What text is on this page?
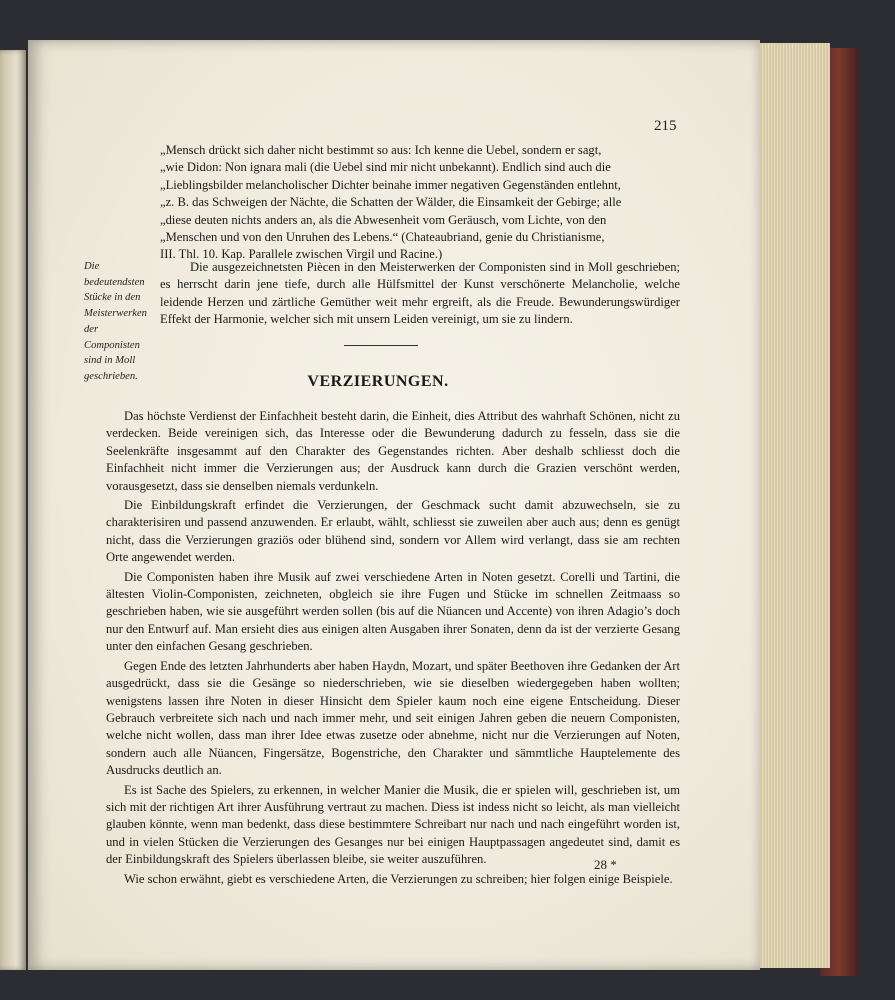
215

„Mensch drückt sich daher nicht bestimmt so aus: Ich kenne die Uebel, sondern er sagt,

„wie Didon: Non ignara mali (die Uebel sind mir nicht unbekannt). Endlich sind auch die

„Lieblingsbilder melancholischer Dichter beinahe immer negativen Gegenständen entlehnt,

„z. B. das Schweigen der Nächte, die Schatten der Wälder, die Einsamkeit der Gebirge; alle

„diese deuten nichts anders an, als die Abwesenheit vom Geräusch, vom Lichte, von den

„Menschen und von den Unruhen des Lebens.“ (Chateaubriand, genie du Christianisme,

III. Thl. 10. Kap. Parallele zwischen Virgil und Racine.)

Die bedeutendsten Stücke in den Meisterwerken der Componisten sind in Moll geschrieben.

Die ausgezeichnetsten Piècen in den Meisterwerken der Componisten sind in Moll geschrieben; es herrscht darin jene tiefe, durch alle Hülfsmittel der Kunst verschönerte Melancholie, welche leidende Herzen und zärtliche Gemüther weit mehr ergreift, als die Freude. Bewunderungswürdiger Effekt der Harmonie, welcher sich mit unsern Leiden vereinigt, um sie zu lindern.

VERZIERUNGEN.

Das höchste Verdienst der Einfachheit besteht darin, die Einheit, dies Attribut des wahrhaft Schönen, nicht zu verdecken. Beide vereinigen sich, das Interesse oder die Bewunderung dadurch zu fesseln, dass sie die Seelenkräfte insgesammt auf den Charakter des Gegenstandes richten. Aber deshalb schliesst doch die Einfachheit nicht immer die Verzierungen aus; der Ausdruck kann durch die Grazien verschönt werden, vorausgesetzt, dass sie denselben niemals verdunkeln.

Die Einbildungskraft erfindet die Verzierungen, der Geschmack sucht damit abzuwechseln, sie zu charakterisiren und passend anzuwenden. Er erlaubt, wählt, schliesst sie zuweilen aber auch aus; denn es genügt nicht, dass die Verzierungen graziös oder blühend sind, sondern vor Allem wird verlangt, dass sie am rechten Orte angewendet werden.

Die Componisten haben ihre Musik auf zwei verschiedene Arten in Noten gesetzt. Corelli und Tartini, die ältesten Violin-Componisten, zeichneten, obgleich sie ihre Fugen und Stücke im schnellen Zeitmaass so geschrieben haben, wie sie ausgeführt werden sollen (bis auf die Nüancen und Accente) von ihren Adagio’s doch nur den Entwurf auf. Man ersieht dies aus einigen alten Ausgaben ihrer Sonaten, denn da ist der verzierte Gesang unter den einfachen Gesang geschrieben.

Gegen Ende des letzten Jahrhunderts aber haben Haydn, Mozart, und später Beethoven ihre Gedanken der Art ausgedrückt, dass sie die Gesänge so niederschrieben, wie sie dieselben wiedergegeben haben wollten; wenigstens lassen ihre Noten in dieser Hinsicht dem Spieler kaum noch eine eigene Entscheidung. Dieser Gebrauch verbreitete sich nach und nach immer mehr, und seit einigen Jahren geben die neuern Componisten, welche nicht wollen, dass man ihrer Idee etwas zusetze oder abnehme, nicht nur die Verzierungen auf Noten, sondern auch alle Nüancen, Fingersätze, Bogenstriche, den Charakter und sämmtliche Hauptelemente des Ausdrucks deutlich an.

Es ist Sache des Spielers, zu erkennen, in welcher Manier die Musik, die er spielen will, geschrieben ist, um sich mit der richtigen Art ihrer Ausführung vertraut zu machen. Diess ist indess nicht so leicht, als man vielleicht glauben könnte, wenn man bedenkt, dass diese bestimmtere Schreibart nur nach und nach eingeführt worden ist, und in vielen Stücken die Verzierungen des Gesanges nur bei einigen Hauptpassagen angedeutet sind, damit es der Einbildungskraft des Spielers überlassen bleibe, sie weiter auszuführen.

Wie schon erwähnt, giebt es verschiedene Arten, die Verzierungen zu schreiben; hier folgen einige Beispiele.

28 *
